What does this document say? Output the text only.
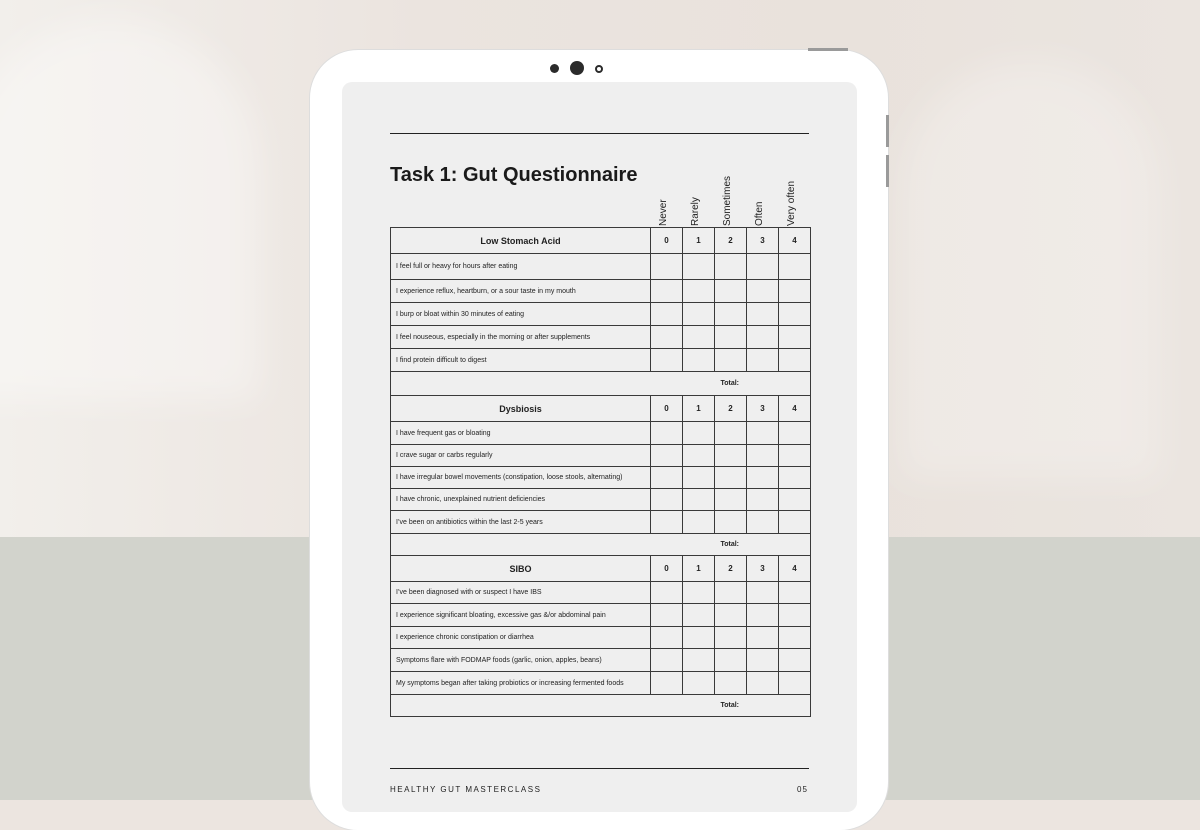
Task 1: Gut Questionnaire
Never Rarely Sometimes Often Very often
Low Stomach Acid	0	1	2	3	4
I feel full or heavy for hours after eating					
I experience reflux, heartburn, or a sour taste in my mouth					
I burp or bloat within 30 minutes of eating					
I feel nouseous, especially in the morning or after supplements					
I find protein difficult to digest					
Total:					
Dysbiosis	0	1	2	3	4
I have frequent gas or bloating					
I crave sugar or carbs regularly					
I have irregular bowel movements (constipation, loose stools, alternating)					
I have chronic, unexplained nutrient deficiencies					
I’ve been on antibiotics within the last 2-5 years					
Total:					
SIBO	0	1	2	3	4
I’ve been diagnosed with or suspect I have IBS					
I experience significant bloating, excessive gas &/or abdominal pain					
I experience chronic constipation or diarrhea					
Symptoms flare with FODMAP foods (garlic, onion, apples, beans)					
My symptoms began after taking probiotics or increasing fermented foods					
Total:					
HEALTHY GUT MASTERCLASS	05
